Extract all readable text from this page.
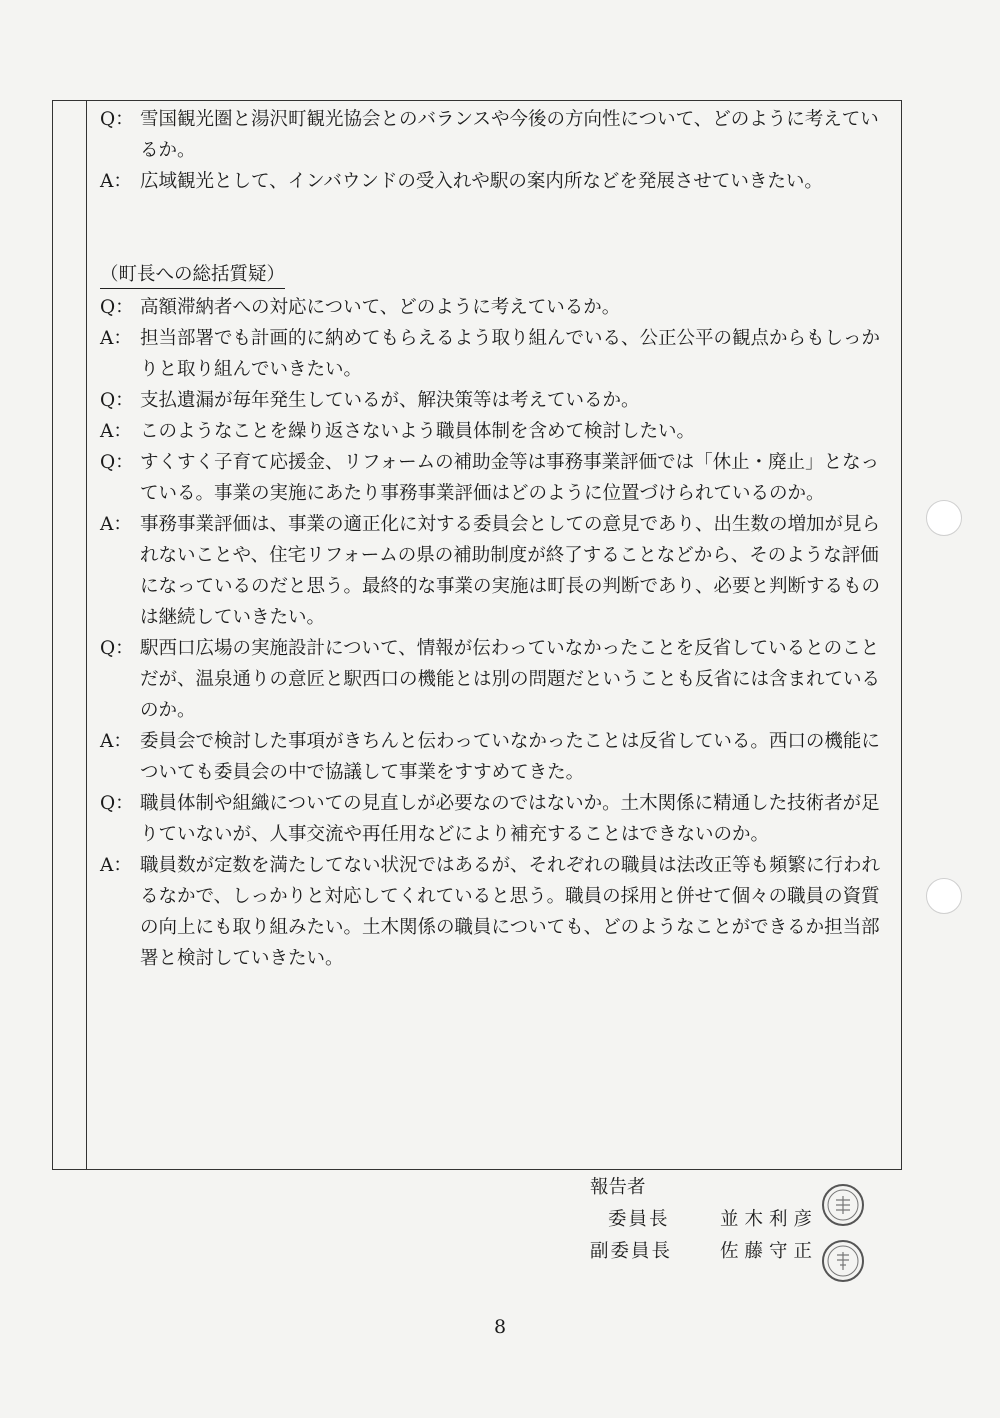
Q： 雪国観光圏と湯沢町観光協会とのバランスや今後の方向性について、どのように考えているか。
A： 広域観光として、インバウンドの受入れや駅の案内所などを発展させていきたい。
（町長への総括質疑）
Q： 高額滞納者への対応について、どのように考えているか。
A： 担当部署でも計画的に納めてもらえるよう取り組んでいる、公正公平の観点からもしっかりと取り組んでいきたい。
Q： 支払遺漏が毎年発生しているが、解決策等は考えているか。
A： このようなことを繰り返さないよう職員体制を含めて検討したい。
Q： すくすく子育て応援金、リフォームの補助金等は事務事業評価では「休止・廃止」となっている。事業の実施にあたり事務事業評価はどのように位置づけられているのか。
A： 事務事業評価は、事業の適正化に対する委員会としての意見であり、出生数の増加が見られないことや、住宅リフォームの県の補助制度が終了することなどから、そのような評価になっているのだと思う。最終的な事業の実施は町長の判断であり、必要と判断するものは継続していきたい。
Q： 駅西口広場の実施設計について、情報が伝わっていなかったことを反省しているとのことだが、温泉通りの意匠と駅西口の機能とは別の問題だということも反省には含まれているのか。
A： 委員会で検討した事項がきちんと伝わっていなかったことは反省している。西口の機能についても委員会の中で協議して事業をすすめてきた。
Q： 職員体制や組織についての見直しが必要なのではないか。土木関係に精通した技術者が足りていないが、人事交流や再任用などにより補充することはできないのか。
A： 職員数が定数を満たしてない状況ではあるが、それぞれの職員は法改正等も頻繁に行われるなかで、しっかりと対応してくれていると思う。職員の採用と併せて個々の職員の資質の向上にも取り組みたい。土木関係の職員についても、どのようなことができるか担当部署と検討していきたい。
報告者
委員長	並木利彦
副委員長	佐藤守正
8
